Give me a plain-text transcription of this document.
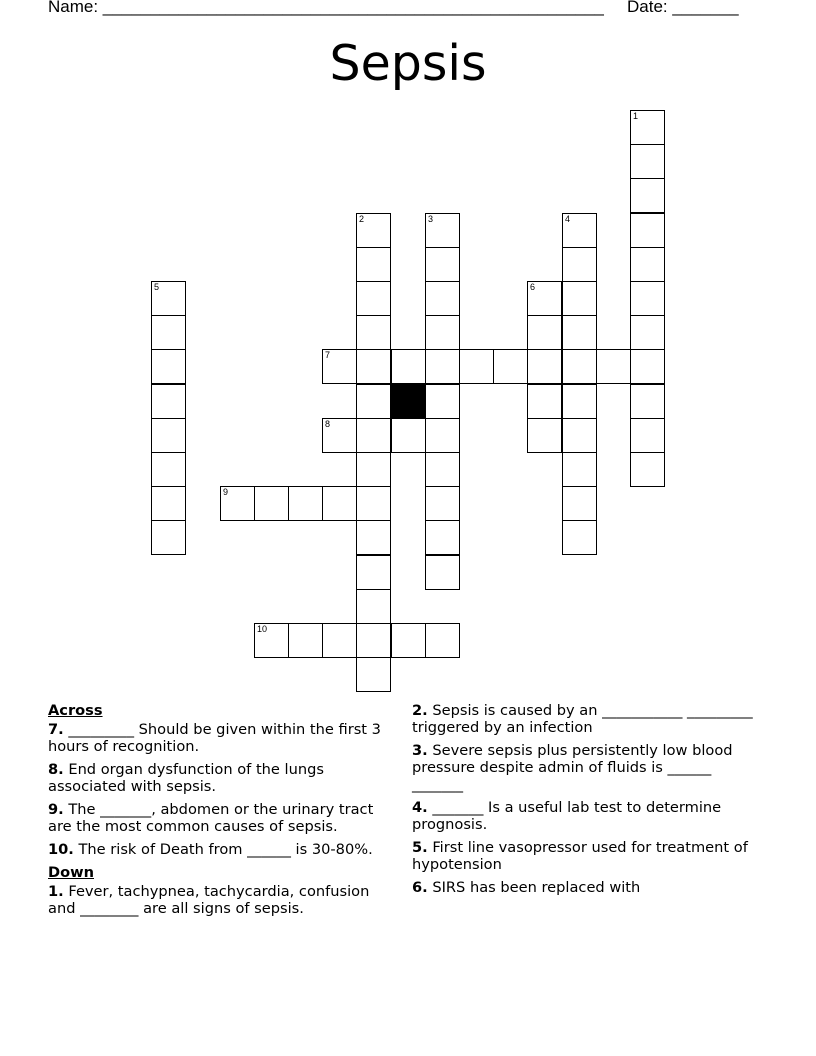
Name: _____________________________________________________ Date: _______
Sepsis
1
2	3	4
5	6
7
8
9
10
Across
7. _________ Should be given within the first 3 hours of recognition.
8. End organ dysfunction of the lungs associated with sepsis.
9. The _______, abdomen or the urinary tract are the most common causes of sepsis.
10. The risk of Death from ______ is 30-80%.
Down
1. Fever, tachypnea, tachycardia, confusion and ________ are all signs of sepsis.
2. Sepsis is caused by an ___________ _________ triggered by an infection
3. Severe sepsis plus persistently low blood pressure despite admin of fluids is ______ _______
4. _______ Is a useful lab test to determine prognosis.
5. First line vasopressor used for treatment of hypotension
6. SIRS has been replaced with
